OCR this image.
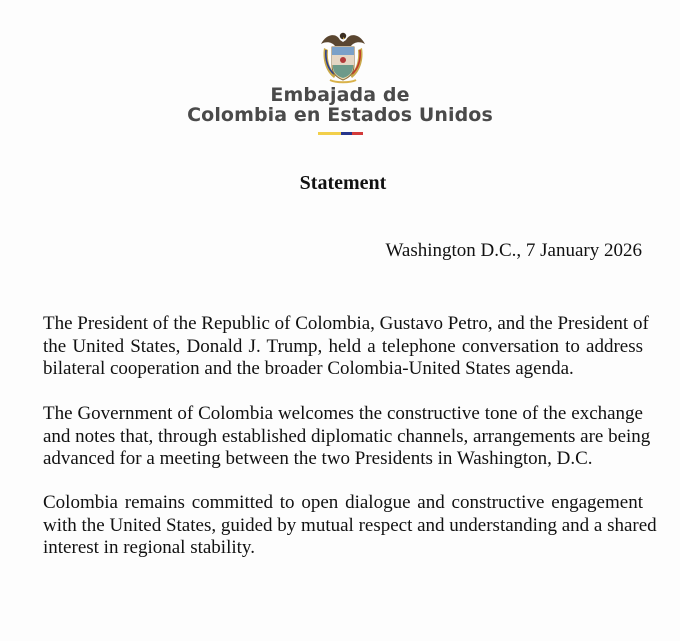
Embajada de
Colombia en Estados Unidos
Statement
Washington D.C., 7 January 2026

The President of the Republic of Colombia, Gustavo Petro, and the President of
the United States, Donald J. Trump, held a telephone conversation to address
bilateral cooperation and the broader Colombia-United States agenda.

The Government of Colombia welcomes the constructive tone of the exchange
and notes that, through established diplomatic channels, arrangements are being
advanced for a meeting between the two Presidents in Washington, D.C.

Colombia remains committed to open dialogue and constructive engagement
with the United States, guided by mutual respect and understanding and a shared
interest in regional stability.
